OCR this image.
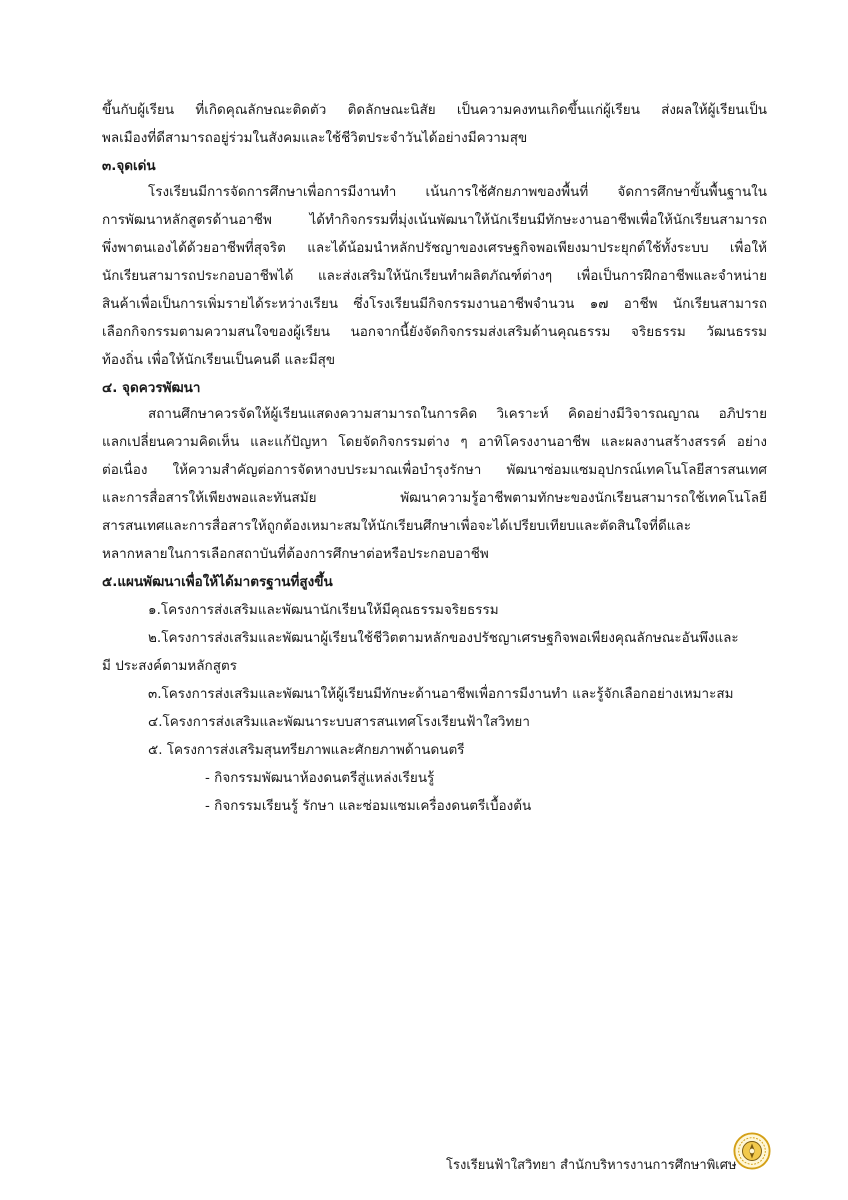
ขึ้นกับผู้เรียน ที่เกิดคุณลักษณะติดตัว ติดลักษณะนิสัย เป็นความคงทนเกิดขึ้นแก่ผู้เรียน ส่งผลให้ผู้เรียนเป็น
พลเมืองที่ดีสามารถอยู่ร่วมในสังคมและใช้ชีวิตประจำวันได้อย่างมีความสุข
๓.จุดเด่น
โรงเรียนมีการจัดการศึกษาเพื่อการมีงานทำ เน้นการใช้ศักยภาพของพื้นที่ จัดการศึกษาขั้นพื้นฐานใน
การพัฒนาหลักสูตรด้านอาชีพ ได้ทำกิจกรรมที่มุ่งเน้นพัฒนาให้นักเรียนมีทักษะงานอาชีพเพื่อให้นักเรียนสามารถ
พึ่งพาตนเองได้ด้วยอาชีพที่สุจริต และได้น้อมนำหลักปรัชญาของเศรษฐกิจพอเพียงมาประยุกต์ใช้ทั้งระบบ เพื่อให้
นักเรียนสามารถประกอบอาชีพได้ และส่งเสริมให้นักเรียนทำผลิตภัณฑ์ต่างๆ เพื่อเป็นการฝึกอาชีพและจำหน่าย
สินค้าเพื่อเป็นการเพิ่มรายได้ระหว่างเรียน ซึ่งโรงเรียนมีกิจกรรมงานอาชีพจำนวน ๑๗ อาชีพ นักเรียนสามารถ
เลือกกิจกรรมตามความสนใจของผู้เรียน นอกจากนี้ยังจัดกิจกรรมส่งเสริมด้านคุณธรรม จริยธรรม วัฒนธรรม
ท้องถิ่น เพื่อให้นักเรียนเป็นคนดี และมีสุข
๔. จุดควรพัฒนา
สถานศึกษาควรจัดให้ผู้เรียนแสดงความสามารถในการคิด วิเคราะห์ คิดอย่างมีวิจารณญาณ อภิปราย
แลกเปลี่ยนความคิดเห็น และแก้ปัญหา โดยจัดกิจกรรมต่าง ๆ อาทิโครงงานอาชีพ และผลงานสร้างสรรค์ อย่าง
ต่อเนื่อง ให้ความสำคัญต่อการจัดหางบประมาณเพื่อบำรุงรักษา พัฒนาซ่อมแซมอุปกรณ์เทคโนโลยีสารสนเทศ
และการสื่อสารให้เพียงพอและทันสมัย พัฒนาความรู้อาชีพตามทักษะของนักเรียนสามารถใช้เทคโนโลยี
สารสนเทศและการสื่อสารให้ถูกต้องเหมาะสมให้นักเรียนศึกษาเพื่อจะได้เปรียบเทียบและตัดสินใจที่ดีและ
หลากหลายในการเลือกสถาบันที่ต้องการศึกษาต่อหรือประกอบอาชีพ
๕.แผนพัฒนาเพื่อให้ได้มาตรฐานที่สูงขึ้น
๑.โครงการส่งเสริมและพัฒนานักเรียนให้มีคุณธรรมจริยธรรม
๒.โครงการส่งเสริมและพัฒนาผู้เรียนใช้ชีวิตตามหลักของปรัชญาเศรษฐกิจพอเพียงคุณลักษณะอันพึงและ
มี ประสงค์ตามหลักสูตร
๓.โครงการส่งเสริมและพัฒนาให้ผู้เรียนมีทักษะด้านอาชีพเพื่อการมีงานทำ และรู้จักเลือกอย่างเหมาะสม
๔.โครงการส่งเสริมและพัฒนาระบบสารสนเทศโรงเรียนฟ้าใสวิทยา
๕. โครงการส่งเสริมสุนทรียภาพและศักยภาพด้านดนตรี
- กิจกรรมพัฒนาห้องดนตรีสู่แหล่งเรียนรู้
- กิจกรรมเรียนรู้ รักษา และซ่อมแซมเครื่องดนตรีเบื้องต้น
โรงเรียนฟ้าใสวิทยา สำนักบริหารงานการศึกษาพิเศษ
